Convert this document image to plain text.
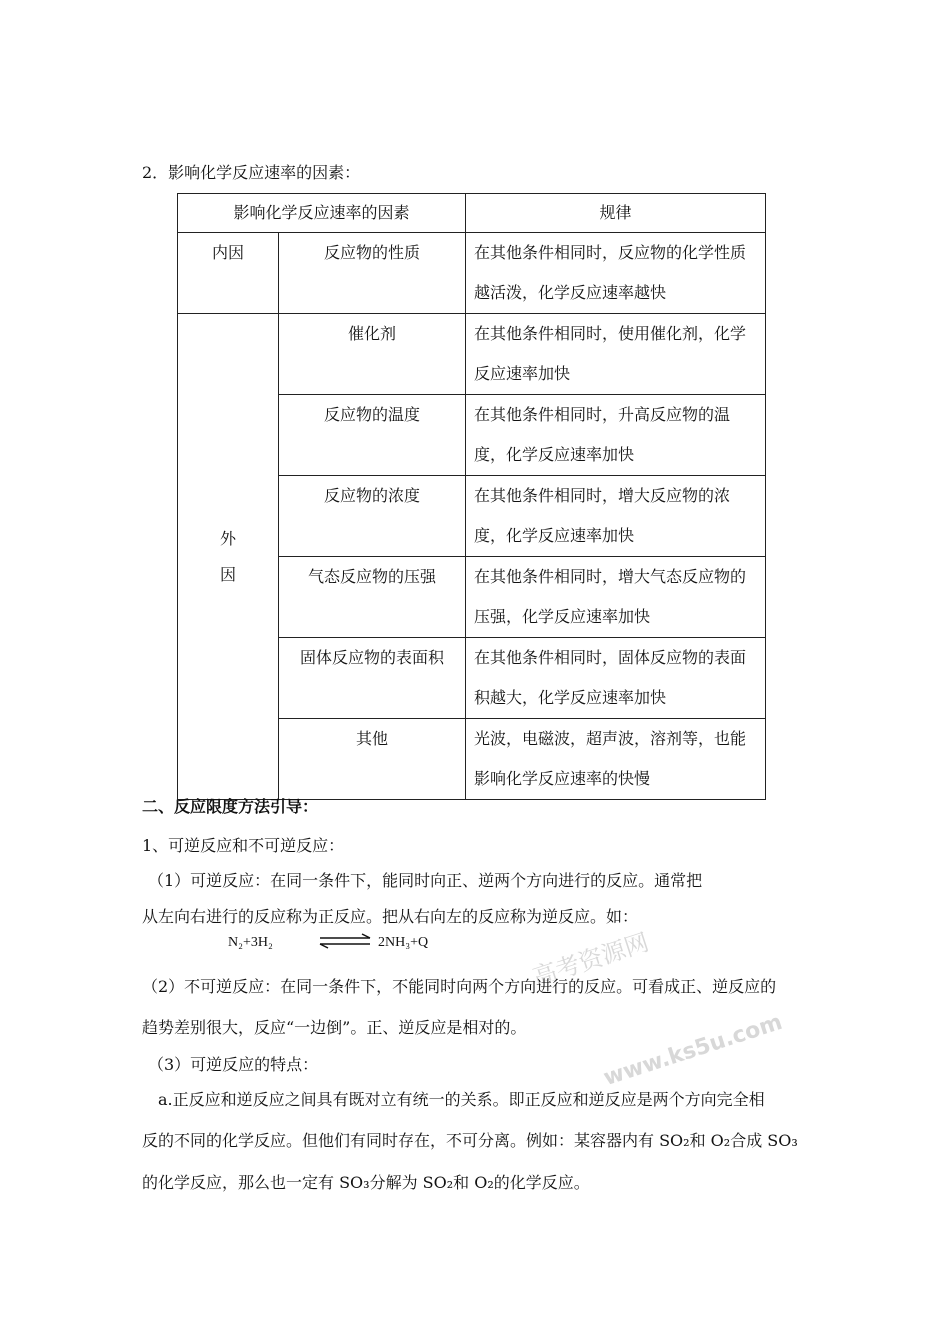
2．影响化学反应速率的因素：
影响化学反应速率的因素		规律
内因	反应物的性质	在其他条件相同时，反应物的化学性质越活泼，化学反应速率越快

外
因	催化剂	在其他条件相同时，使用催化剂，化学反应速率加快
	反应物的温度	在其他条件相同时，升高反应物的温度，化学反应速率加快
	反应物的浓度	在其他条件相同时，增大反应物的浓度，化学反应速率加快
	气态反应物的压强	在其他条件相同时，增大气态反应物的压强，化学反应速率加快
	固体反应物的表面积	在其他条件相同时，固体反应物的表面积越大，化学反应速率加快
	其他	光波，电磁波，超声波，溶剂等，也能影响化学反应速率的快慢
二、反应限度方法引导：
1、可逆反应和不可逆反应：
（1）可逆反应：在同一条件下，能同时向正、逆两个方向进行的反应。通常把
从左向右进行的反应称为正反应。把从右向左的反应称为逆反应。如：
N₂+3H₂	⇌ 2NH₃+Q	高考资源网
www.ks5u.com
（2）不可逆反应：在同一条件下，不能同时向两个方向进行的反应。可看成正、逆反应的
趋势差别很大，反应“一边倒”。正、逆反应是相对的。
（3）可逆反应的特点：
a.正反应和逆反应之间具有既对立有统一的关系。即正反应和逆反应是两个方向完全相
反的不同的化学反应。但他们有同时存在，不可分离。例如：某容器内有 SO₂和 O₂合成 SO₃
的化学反应，那么也一定有 SO₃分解为 SO₂和 O₂的化学反应。
